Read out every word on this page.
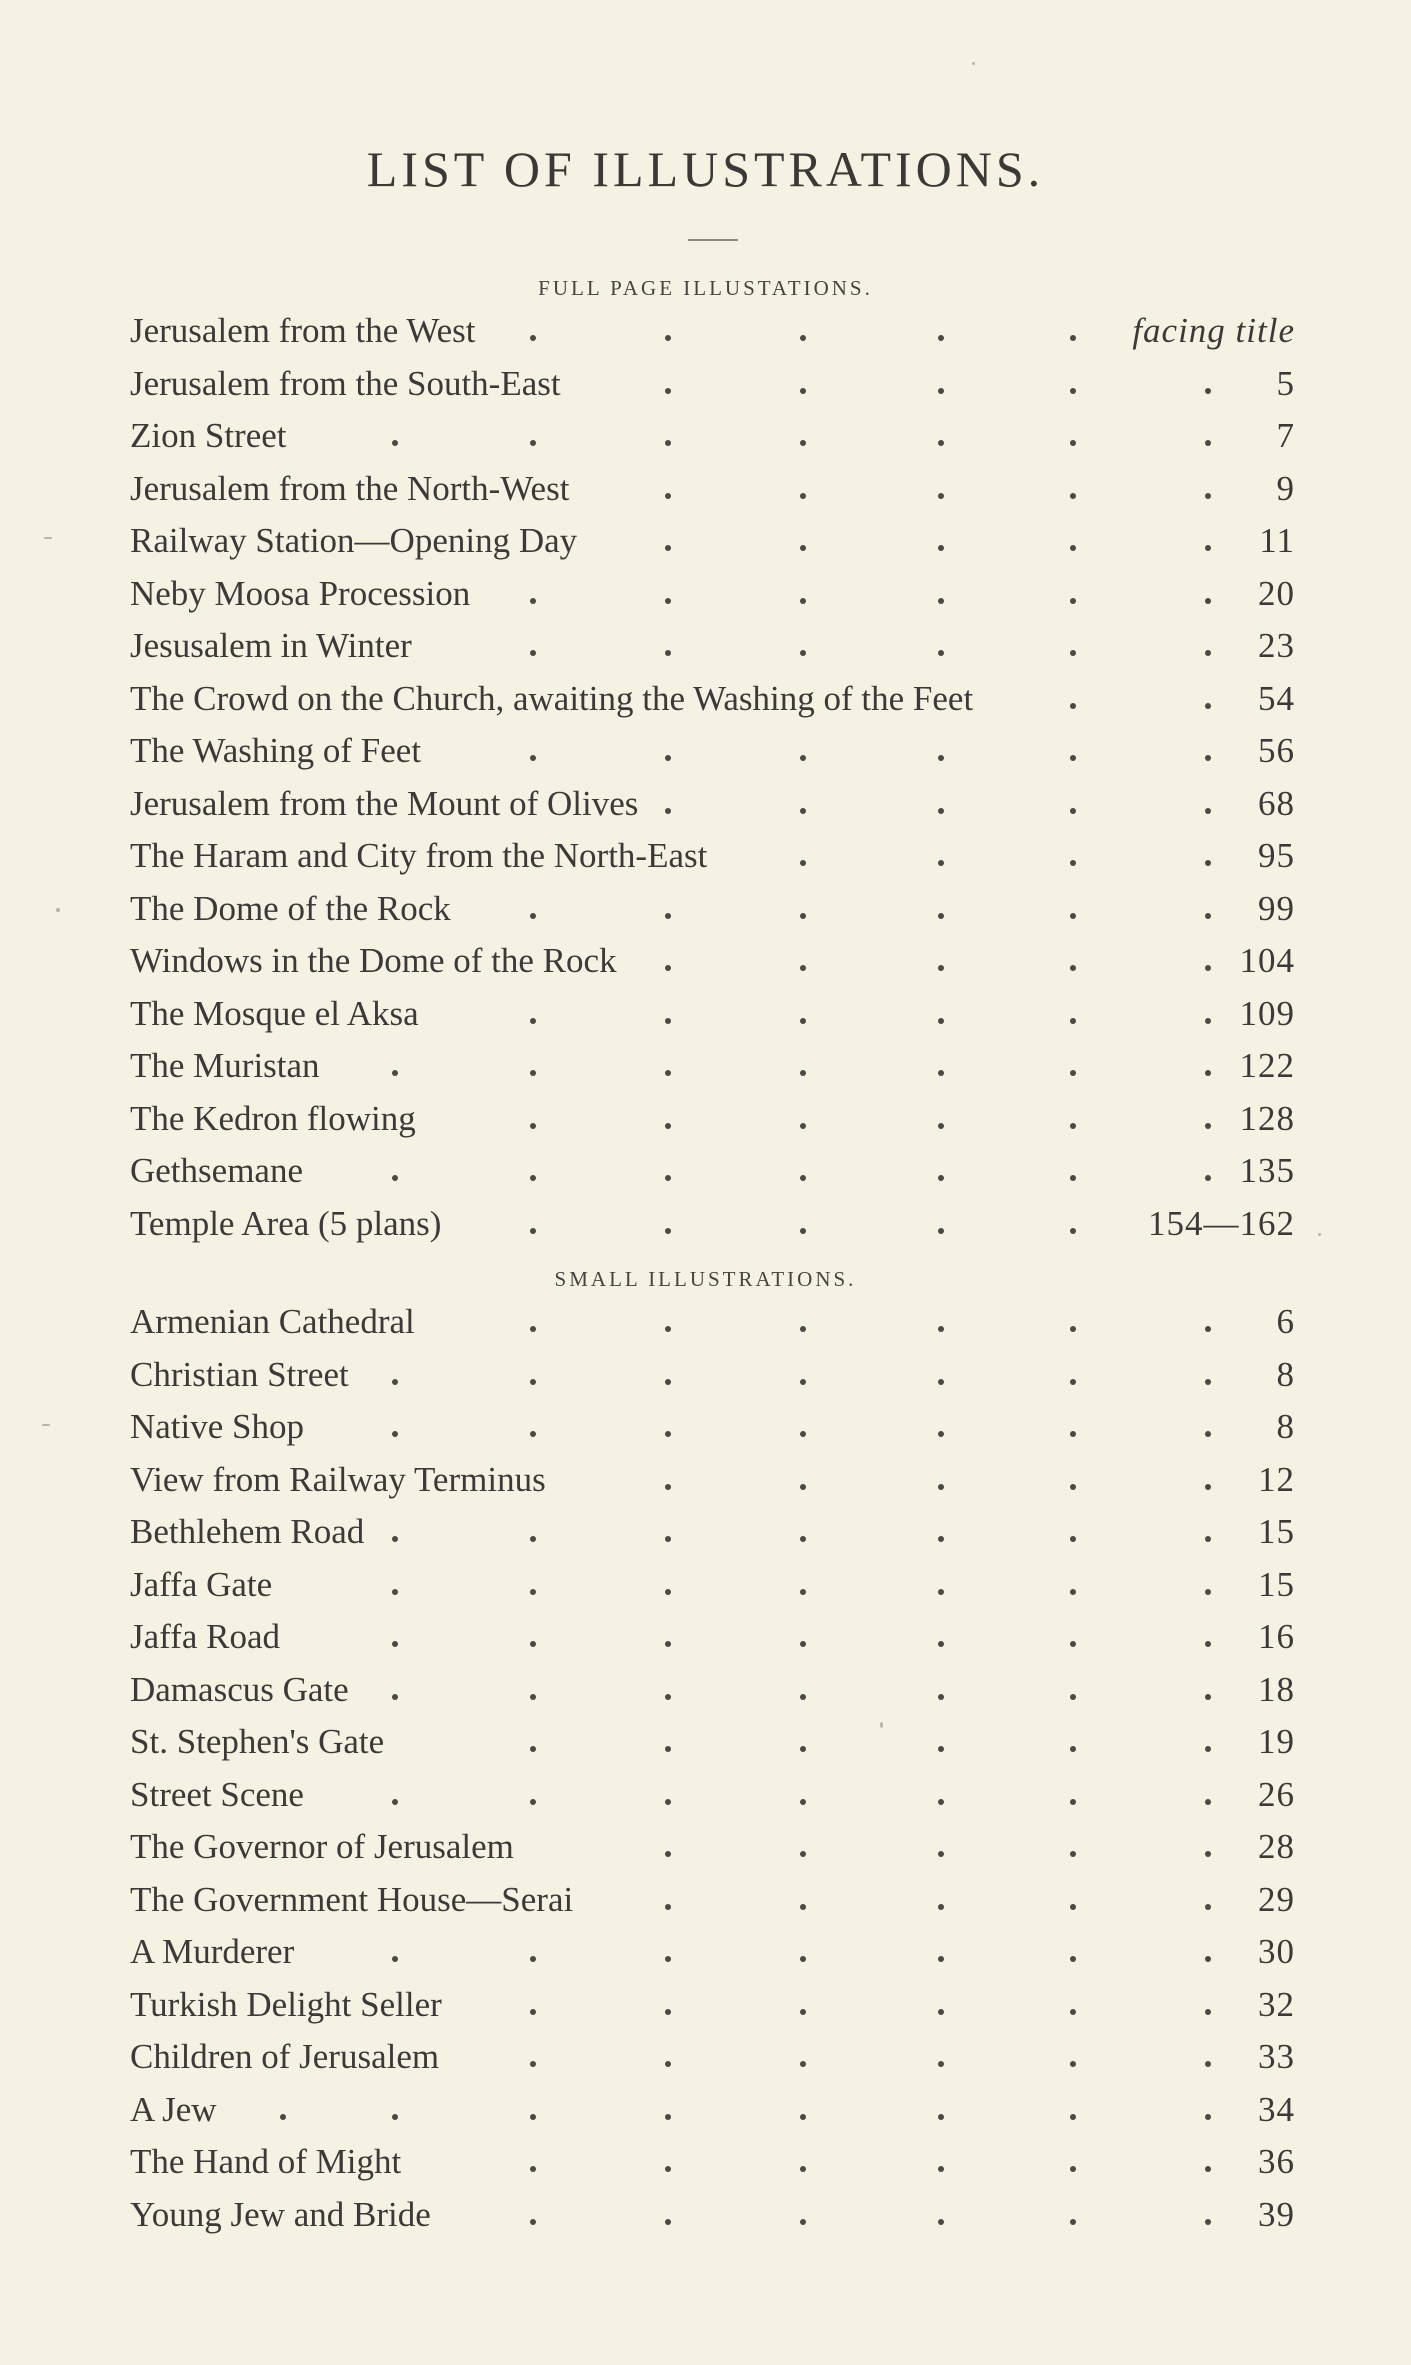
LIST OF ILLUSTRATIONS.
FULL PAGE ILLUSTATIONS.
Jerusalem from the West	facing title
Jerusalem from the South-East	5
Zion Street	7
Jerusalem from the North-West	9
Railway Station—Opening Day	11
Neby Moosa Procession	20
Jesusalem in Winter	23
The Crowd on the Church, awaiting the Washing of the Feet	54
The Washing of Feet	56
Jerusalem from the Mount of Olives	68
The Haram and City from the North-East	95
The Dome of the Rock	99
Windows in the Dome of the Rock	104
The Mosque el Aksa	109
The Muristan	122
The Kedron flowing	128
Gethsemane	135
Temple Area (5 plans)	154—162
SMALL ILLUSTRATIONS.
Armenian Cathedral	6
Christian Street	8
Native Shop	8
View from Railway Terminus	12
Bethlehem Road	15
Jaffa Gate	15
Jaffa Road	16
Damascus Gate	18
St. Stephen's Gate	19
Street Scene	26
The Governor of Jerusalem	28
The Government House—Serai	29
A Murderer	30
Turkish Delight Seller	32
Children of Jerusalem	33
A Jew	34
The Hand of Might	36
Young Jew and Bride	39
